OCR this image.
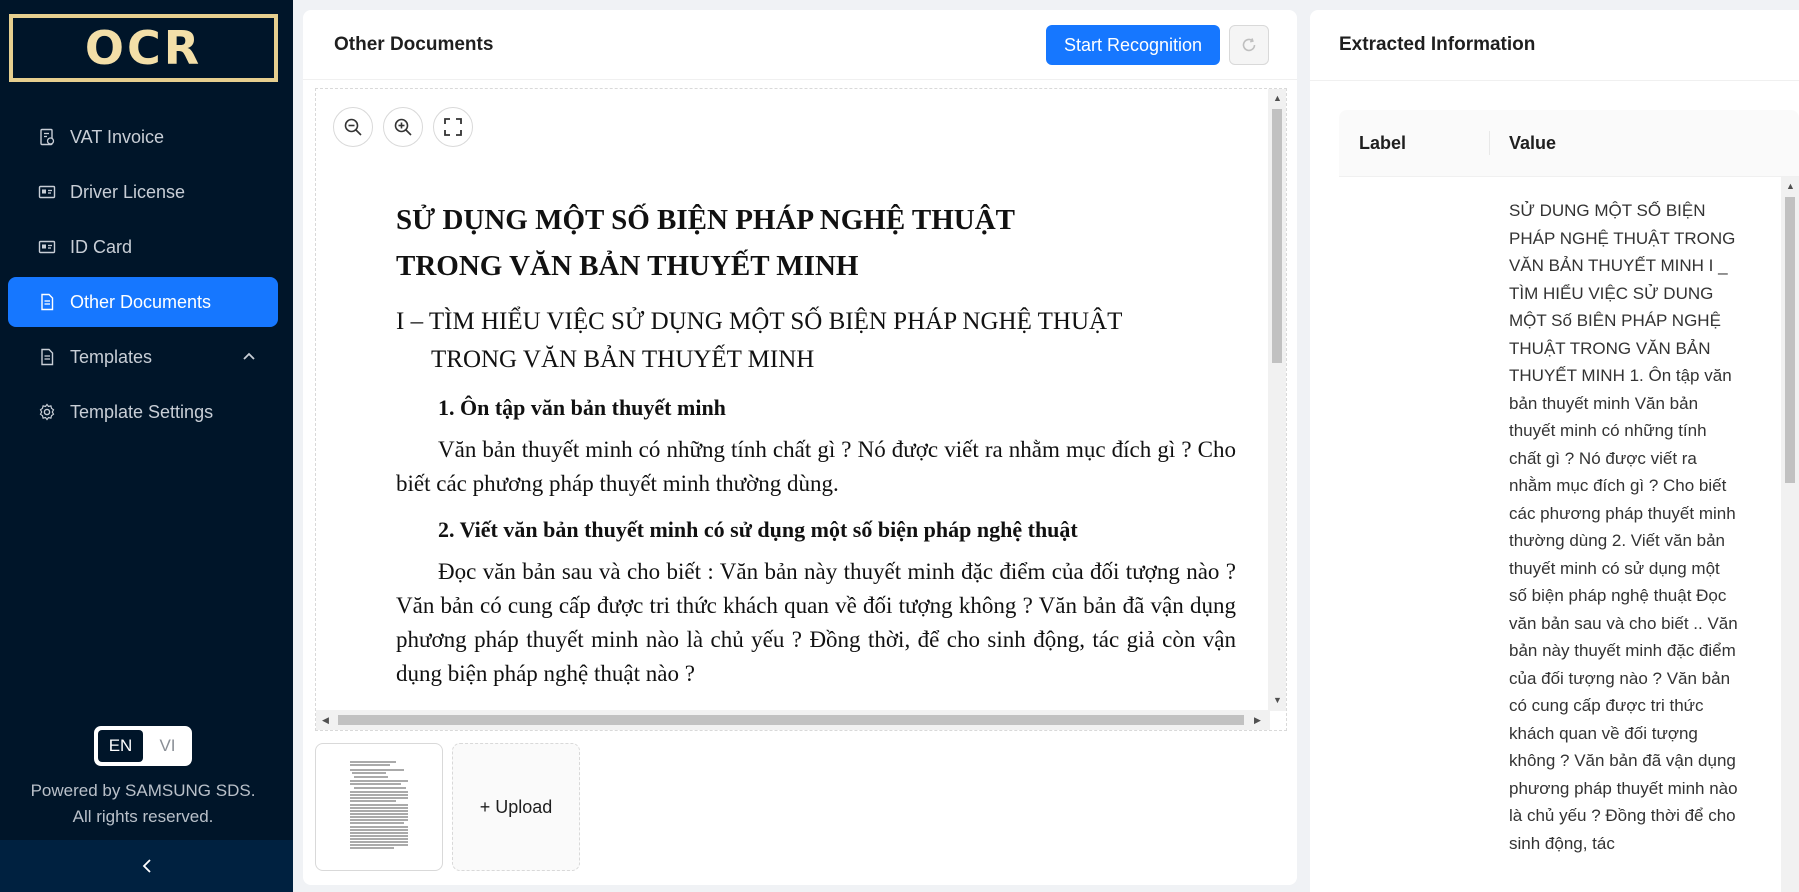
OCR
VAT Invoice
Driver License
ID Card
Other Documents
Templates
Template Settings
EN	VI
Powered by SAMSUNG SDS.
All rights reserved.
Other Documents	Start Recognition
SỬ DỤNG MỘT SỐ BIỆN PHÁP NGHỆ THUẬT
TRONG VĂN BẢN THUYẾT MINH
I – TÌM HIỂU VIỆC SỬ DỤNG MỘT SỐ BIỆN PHÁP NGHỆ THUẬT
TRONG VĂN BẢN THUYẾT MINH
1. Ôn tập văn bản thuyết minh
Văn bản thuyết minh có những tính chất gì ? Nó được viết ra nhằm mục đích gì ? Cho biết các phương pháp thuyết minh thường dùng.
2. Viết văn bản thuyết minh có sử dụng một số biện pháp nghệ thuật
Đọc văn bản sau và cho biết : Văn bản này thuyết minh đặc điểm của đối tượng nào ? Văn bản có cung cấp được tri thức khách quan về đối tượng không ? Văn bản đã vận dụng phương pháp thuyết minh nào là chủ yếu ? Đồng thời, để cho sinh động, tác giả còn vận dụng biện pháp nghệ thuật nào ?
▲
▼
◀	▶
+ Upload
Extracted Information
Label	Value
SỬ DUNG MỘT SỐ BIỆN PHÁP NGHỆ THUẬT TRONG VĂN BẢN THUYẾT MINH I _ TÌM HIỂU VIỆC SỬ DUNG MỘT Số BIÊN PHÁP NGHỆ THUẬT TRONG VĂN BẢN THUYẾT MINH 1. Ôn tập văn bản thuyết minh Văn bản thuyết minh có những tính chất gì ? Nó được viết ra nhằm mục đích gì ? Cho biết các phương pháp thuyết minh thường dùng 2. Viết văn bản thuyết minh có sử dụng một số biện pháp nghệ thuật Đọc văn bản sau và cho biết .. Văn bản này thuyết minh đặc điểm của đối tượng nào ? Văn bản có cung cấp được tri thức khách quan về đối tượng không ? Văn bản đã vận dụng phương pháp thuyết minh nào là chủ yếu ? Đồng thời để cho sinh động, tác
▲
